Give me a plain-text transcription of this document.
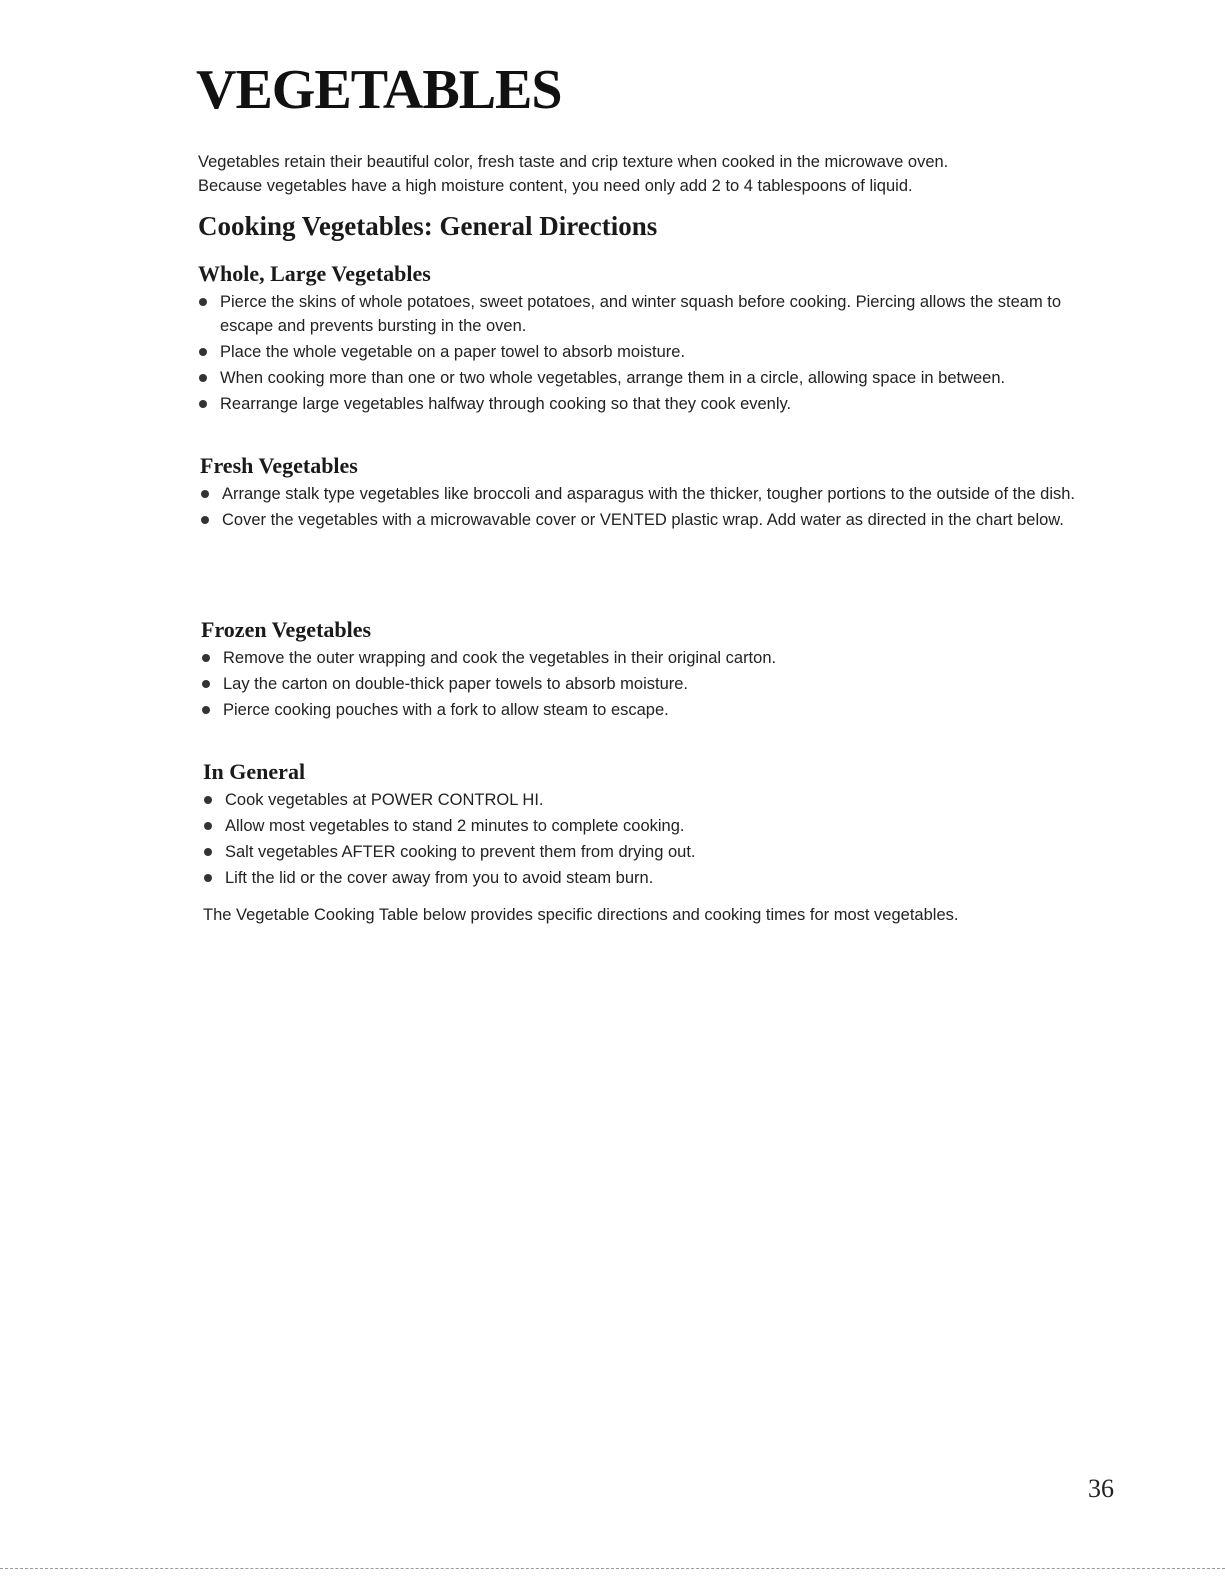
VEGETABLES

Vegetables retain their beautiful color, fresh taste and crip texture when cooked in the microwave oven.

Because vegetables have a high moisture content, you need only add 2 to 4 tablespoons of liquid.

Cooking Vegetables: General Directions
Whole, Large Vegetables
Pierce the skins of whole potatoes, sweet potatoes, and winter squash before cooking. Piercing allows the steam to escape and prevents bursting in the oven.
Place the whole vegetable on a paper towel to absorb moisture.
When cooking more than one or two whole vegetables, arrange them in a circle, allowing space in between.
Rearrange large vegetables halfway through cooking so that they cook evenly.
Fresh Vegetables
Arrange stalk type vegetables like broccoli and asparagus with the thicker, tougher portions to the outside of the dish.
Cover the vegetables with a microwavable cover or VENTED plastic wrap. Add water as directed in the chart below.
Frozen Vegetables
Remove the outer wrapping and cook the vegetables in their original carton.
Lay the carton on double-thick paper towels to absorb moisture.
Pierce cooking pouches with a fork to allow steam to escape.
In General
Cook vegetables at POWER CONTROL HI.
Allow most vegetables to stand 2 minutes to complete cooking.
Salt vegetables AFTER cooking to prevent them from drying out.
Lift the lid or the cover away from you to avoid steam burn.
The Vegetable Cooking Table below provides specific directions and cooking times for most vegetables.
36
